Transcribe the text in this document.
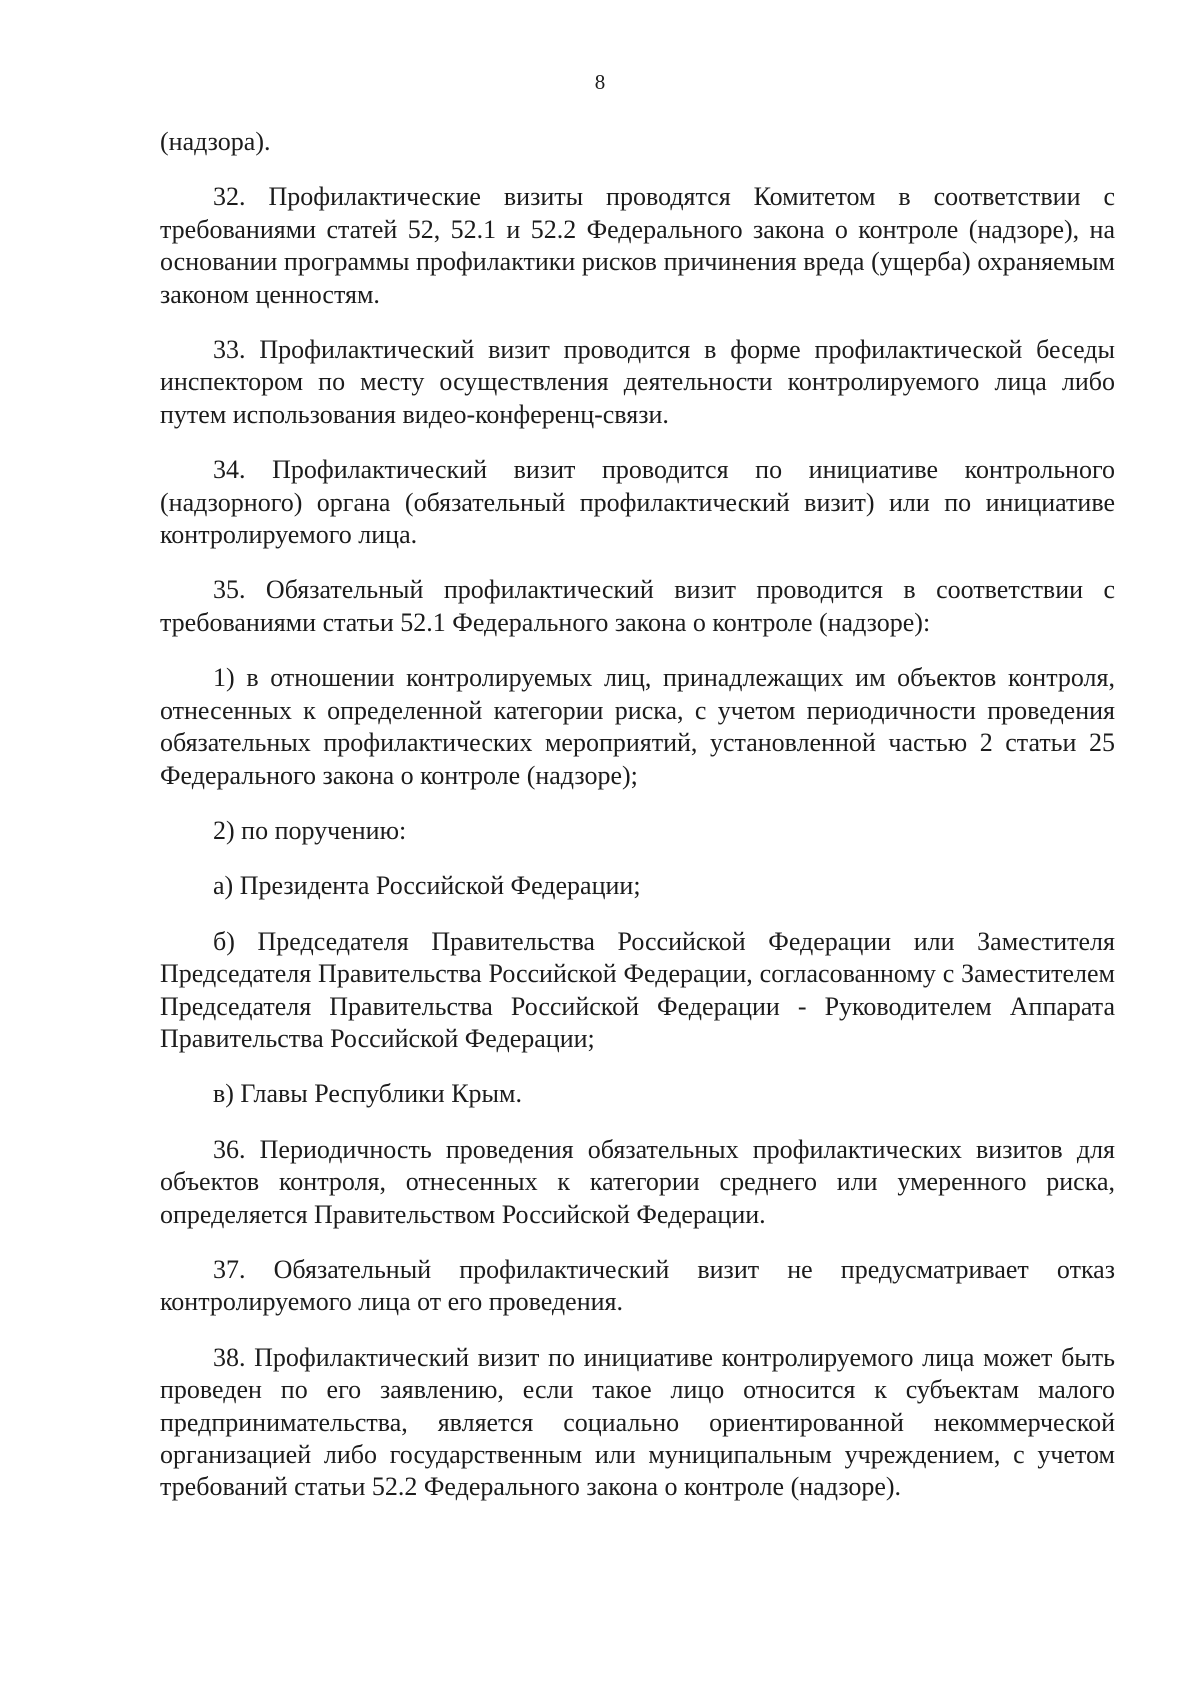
8

(надзора).

32. Профилактические визиты проводятся Комитетом в соответствии с требованиями статей 52, 52.1 и 52.2 Федерального закона о контроле (надзоре), на основании программы профилактики рисков причинения вреда (ущерба) охраняемым законом ценностям.

33. Профилактический визит проводится в форме профилактической беседы инспектором по месту осуществления деятельности контролируемого лица либо путем использования видео-конференц-связи.

34. Профилактический визит проводится по инициативе контрольного (надзорного) органа (обязательный профилактический визит) или по инициативе контролируемого лица.

35. Обязательный профилактический визит проводится в соответствии с требованиями статьи 52.1 Федерального закона о контроле (надзоре):

1) в отношении контролируемых лиц, принадлежащих им объектов контроля, отнесенных к определенной категории риска, с учетом периодичности проведения обязательных профилактических мероприятий, установленной частью 2 статьи 25 Федерального закона о контроле (надзоре);

2) по поручению:

а) Президента Российской Федерации;

б) Председателя Правительства Российской Федерации или Заместителя Председателя Правительства Российской Федерации, согласованному с Заместителем Председателя Правительства Российской Федерации - Руководителем Аппарата Правительства Российской Федерации;

в) Главы Республики Крым.

36. Периодичность проведения обязательных профилактических визитов для объектов контроля, отнесенных к категории среднего или умеренного риска, определяется Правительством Российской Федерации.

37. Обязательный профилактический визит не предусматривает отказ контролируемого лица от его проведения.

38. Профилактический визит по инициативе контролируемого лица может быть проведен по его заявлению, если такое лицо относится к субъектам малого предпринимательства, является социально ориентированной некоммерческой организацией либо государственным или муниципальным учреждением, с учетом требований статьи 52.2 Федерального закона о контроле (надзоре).
